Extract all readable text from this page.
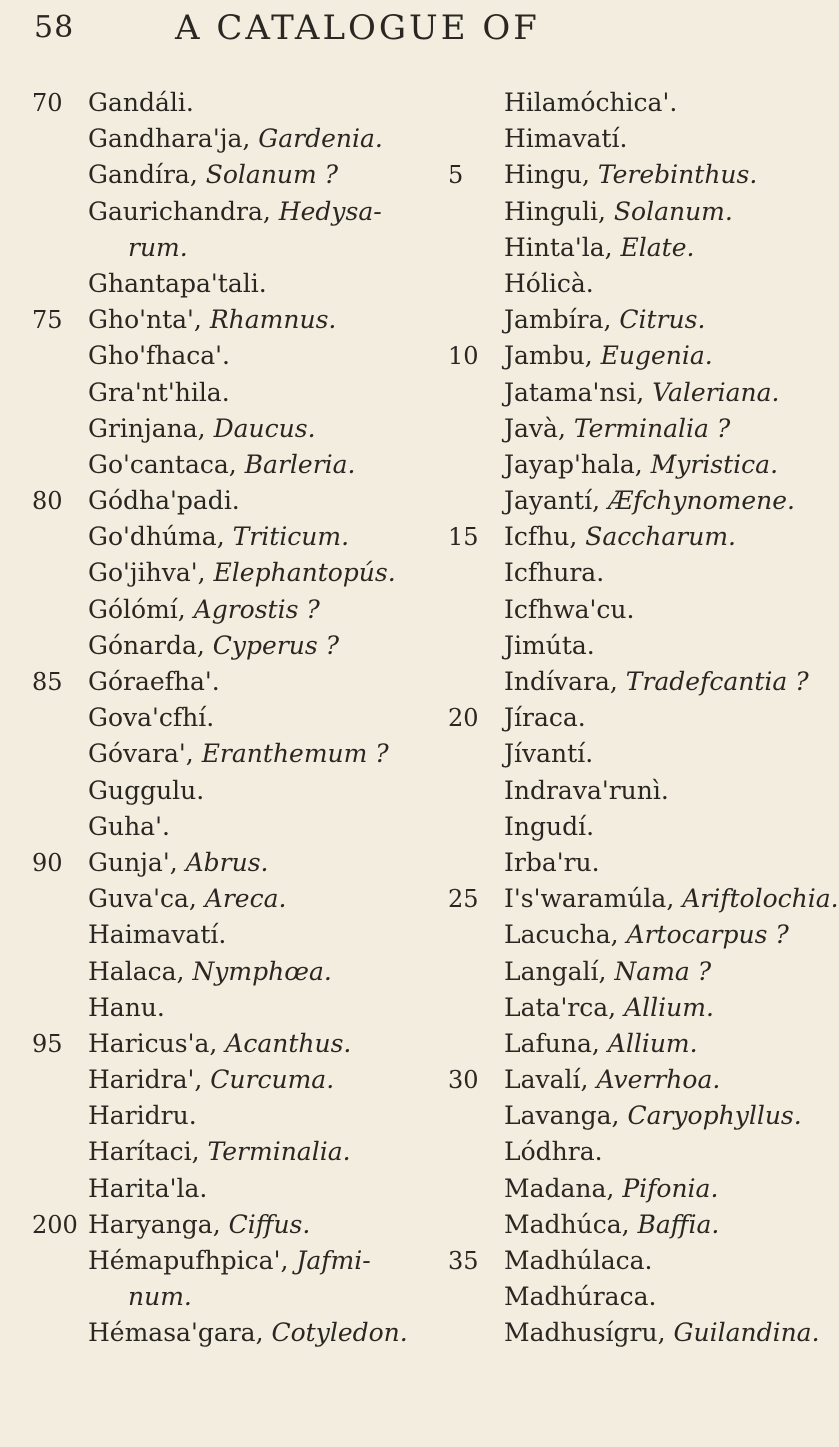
58	A CATALOGUE OF
70	Gandáli.
Gandhara'ja, Gardenia.
Gandíra, Solanum ?
Gaurichandra, Hedysa-
rum.
Ghantapa'tali.
75	Gho'nta', Rhamnus.
Gho'fhaca'.
Gra'nt'hila.
Grinjana, Daucus.
Go'cantaca, Barleria.
80	Gódha'padi.
Go'dhúma, Triticum.
Go'jihva', Elephantopús.
Gólómí, Agrostis ?
Gónarda, Cyperus ?
85	Góraefha'.
Gova'cfhí.
Góvara', Eranthemum ?
Guggulu.
Guha'.
90	Gunja', Abrus.
Guva'ca, Areca.
Haimavatí.
Halaca, Nymphœa.
Hanu.
95	Haricus'a, Acanthus.
Haridra', Curcuma.
Haridru.
Harítaci, Terminalia.
Harita'la.
200 Haryanga, Ciffus.
Hémapufhpica', Jafmi-
num.
Hémasa'gara, Cotyledon.
Hilamóchica'.
Himavatí.
5	Hingu, Terebinthus.
Hinguli, Solanum.
Hinta'la, Elate.
Hólicà.
Jambíra, Citrus.
10	Jambu, Eugenia.
Jatama'nsi, Valeriana.
Javà, Terminalia ?
Jayap'hala, Myristica.
Jayantí, Æfchynomene.
15	Icfhu, Saccharum.
Icfhura.
Icfhwa'cu.
Jimúta.
Indívara, Tradefcantia ?
20	Jíraca.
Jívantí.
Indrava'runì.
Ingudí.
Irba'ru.
25	I's'waramúla, Ariftolochia.
Lacucha, Artocarpus ?
Langalí, Nama ?
Lata'rca, Allium.
Lafuna, Allium.
30	Lavalí, Averrhoa.
Lavanga, Caryophyllus.
Lódhra.
Madana, Pifonia.
Madhúca, Baffia.
35	Madhúlaca.
Madhúraca.
Madhusígru, Guilandina.
